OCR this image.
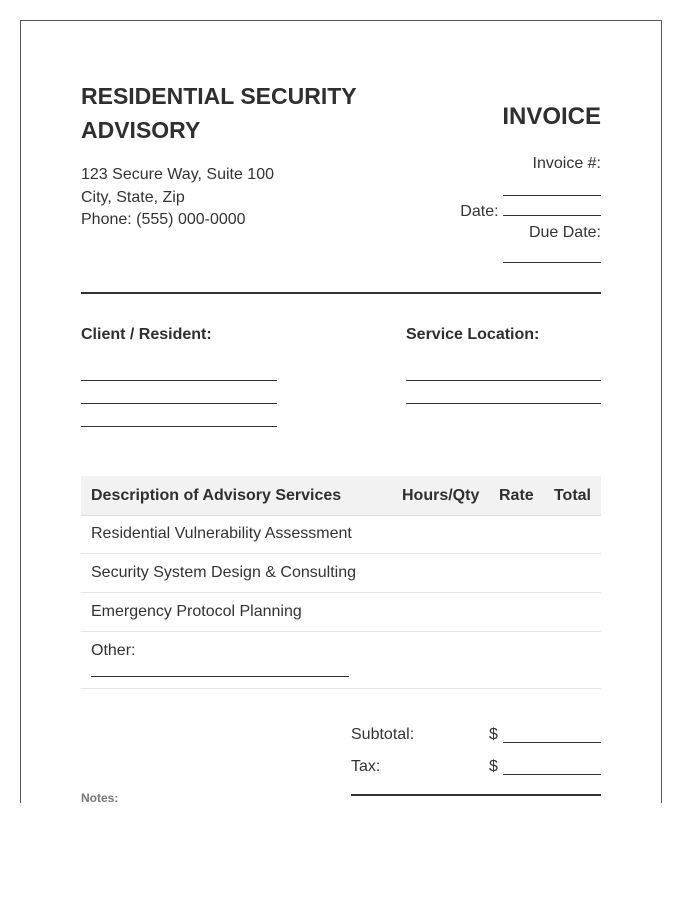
RESIDENTIAL SECURITY ADVISORY
123 Secure Way, Suite 100
City, State, Zip
Phone: (555) 000-0000
INVOICE
Invoice #:
Date:
Due Date:
Client / Resident:	Service Location:
Description of Advisory Services	Hours/Qty Rate Total
Residential Vulnerability Assessment
Security System Design & Consulting
Emergency Protocol Planning
Other:
Subtotal:	$
Tax:	$
Notes:
